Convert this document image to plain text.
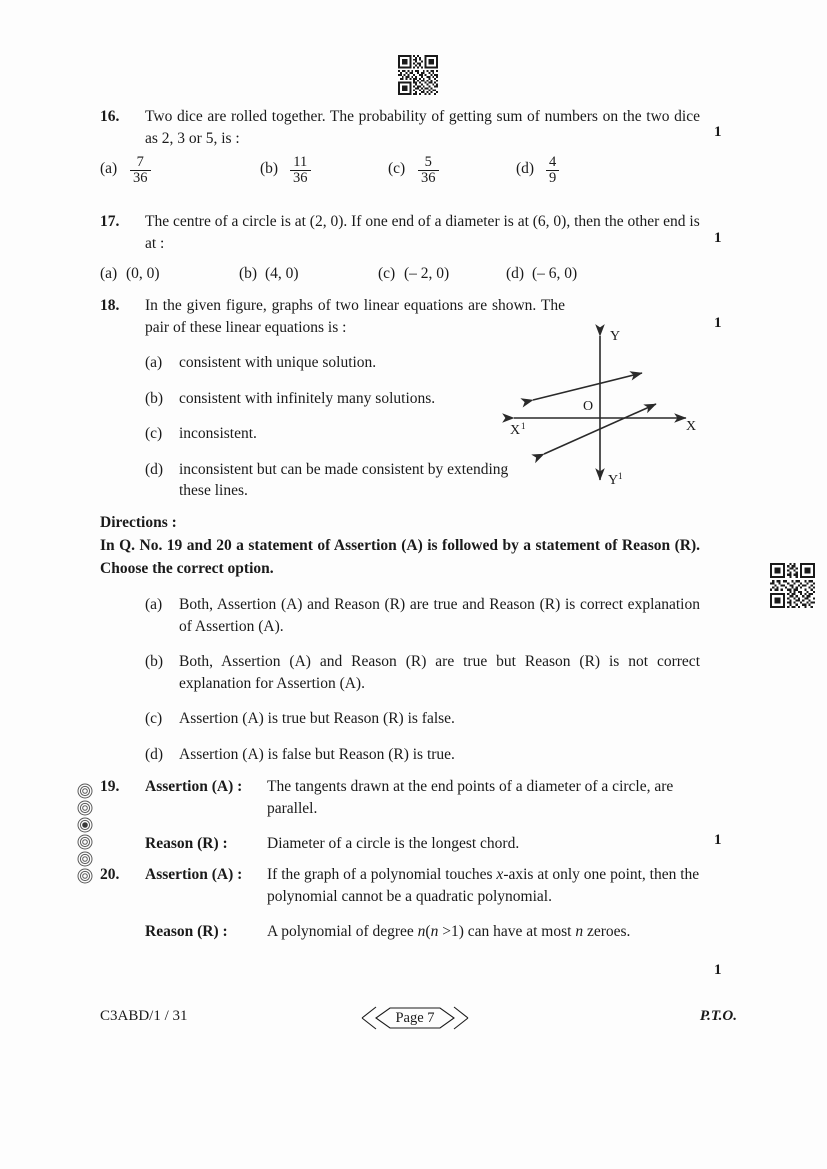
16.	Two dice are rolled together. The probability of getting sum of numbers on the two dice as 2, 3 or 5, is :
$(a) \frac{7}{36}$	$(b) \frac{11}{36}$	$(c) \frac{5}{36}$	$(d) \frac{4}{9}$
1
17.	The centre of a circle is at (2, 0). If one end of a diameter is at (6, 0), then the other end is at :
(a) (0, 0)	(b) (4, 0)	(c) (– 2, 0)	(d) (– 6, 0)
1
18.	In the given figure, graphs of two linear equations are shown. The pair of these linear equations is :
(a)	consistent with unique solution.
(b)	consistent with infinitely many solutions.
(c)	inconsistent.
(d)	inconsistent but can be made consistent by extending these lines.
1
Y
X
X 1
Y 1
O
Directions :
In Q. No. 19 and 20 a statement of Assertion (A) is followed by a statement of Reason (R). Choose the correct option.
(a)	Both, Assertion (A) and Reason (R) are true and Reason (R) is correct explanation of Assertion (A).
(b)	Both, Assertion (A) and Reason (R) are true but Reason (R) is not correct explanation for Assertion (A).
(c)	Assertion (A) is true but Reason (R) is false.
(d)	Assertion (A) is false but Reason (R) is true.
19.	Assertion (A) :	The tangents drawn at the end points of a diameter of a circle, are parallel.
Reason (R) :	Diameter of a circle is the longest chord.	1
20.	Assertion (A) :	If the graph of a polynomial touches x-axis at only one point, then the polynomial cannot be a quadratic polynomial.
Reason (R) :	A polynomial of degree n(n >1) can have at most n zeroes.
1
C3ABD/1 / 31	Page 7	P.T.O.
